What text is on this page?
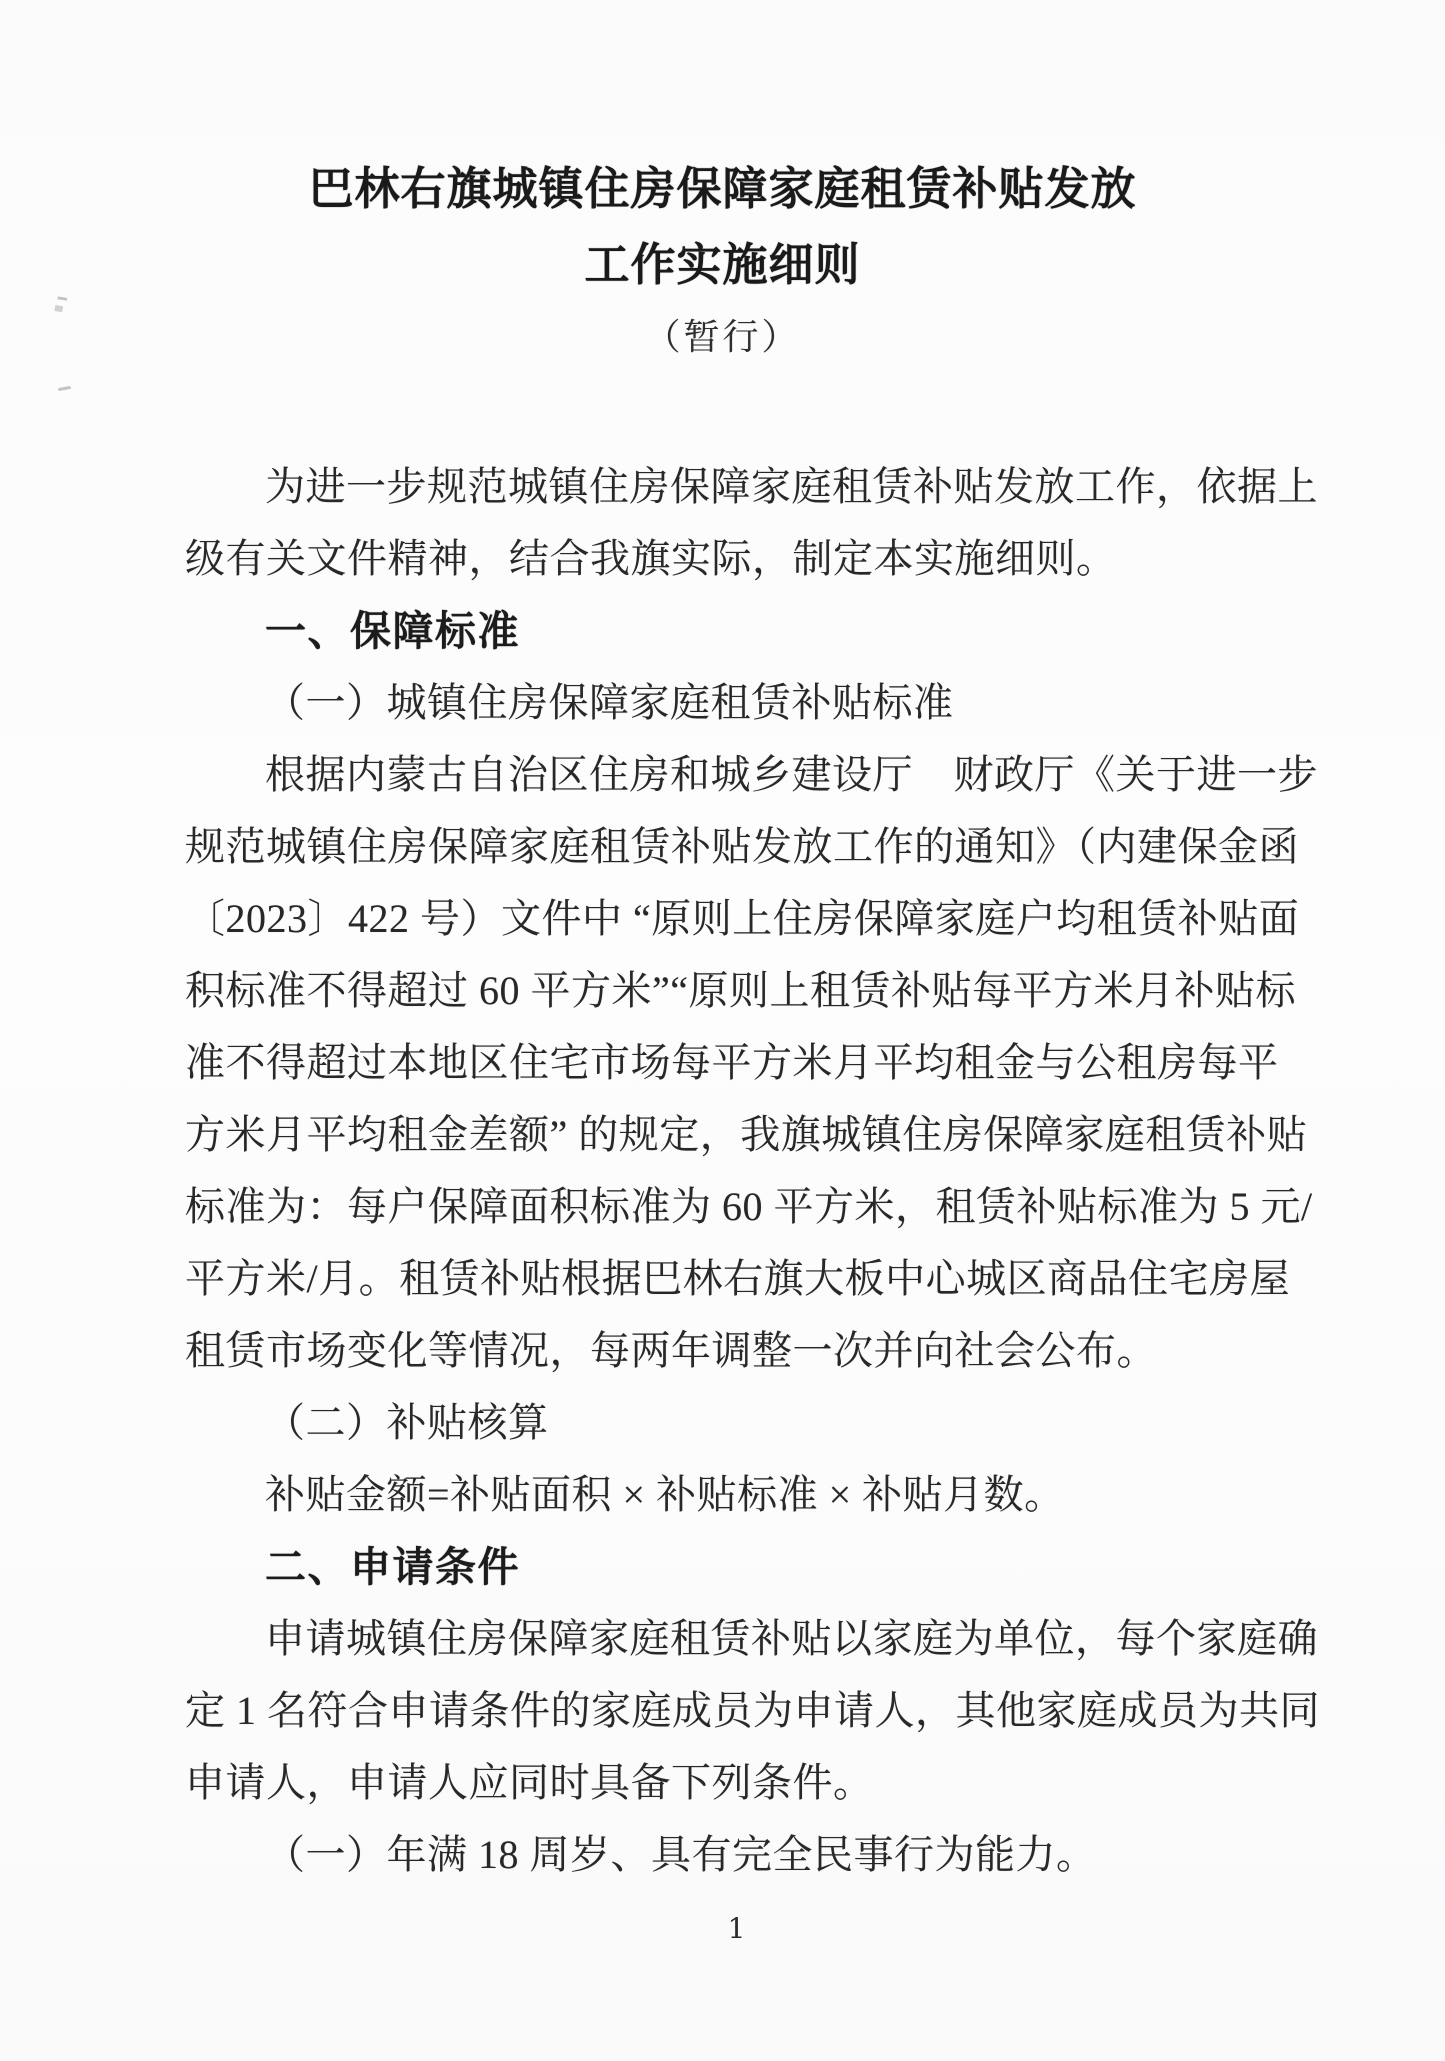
巴林右旗城镇住房保障家庭租赁补贴发放
工作实施细则
（暂行）
为进一步规范城镇住房保障家庭租赁补贴发放工作，依据上
级有关文件精神，结合我旗实际，制定本实施细则。
一、保障标准
（一）城镇住房保障家庭租赁补贴标准
根据内蒙古自治区住房和城乡建设厅　财政厅《关于进一步
规范城镇住房保障家庭租赁补贴发放工作的通知》（内建保金函
〔2023〕422 号）文件中 “原则上住房保障家庭户均租赁补贴面
积标准不得超过 60 平方米”“原则上租赁补贴每平方米月补贴标
准不得超过本地区住宅市场每平方米月平均租金与公租房每平
方米月平均租金差额” 的规定，我旗城镇住房保障家庭租赁补贴
标准为：每户保障面积标准为 60 平方米，租赁补贴标准为 5 元/
平方米/月。租赁补贴根据巴林右旗大板中心城区商品住宅房屋
租赁市场变化等情况，每两年调整一次并向社会公布。
（二）补贴核算
补贴金额=补贴面积 × 补贴标准 × 补贴月数。
二、申请条件
申请城镇住房保障家庭租赁补贴以家庭为单位，每个家庭确
定 1 名符合申请条件的家庭成员为申请人，其他家庭成员为共同
申请人，申请人应同时具备下列条件。
（一）年满 18 周岁、具有完全民事行为能力。
1
